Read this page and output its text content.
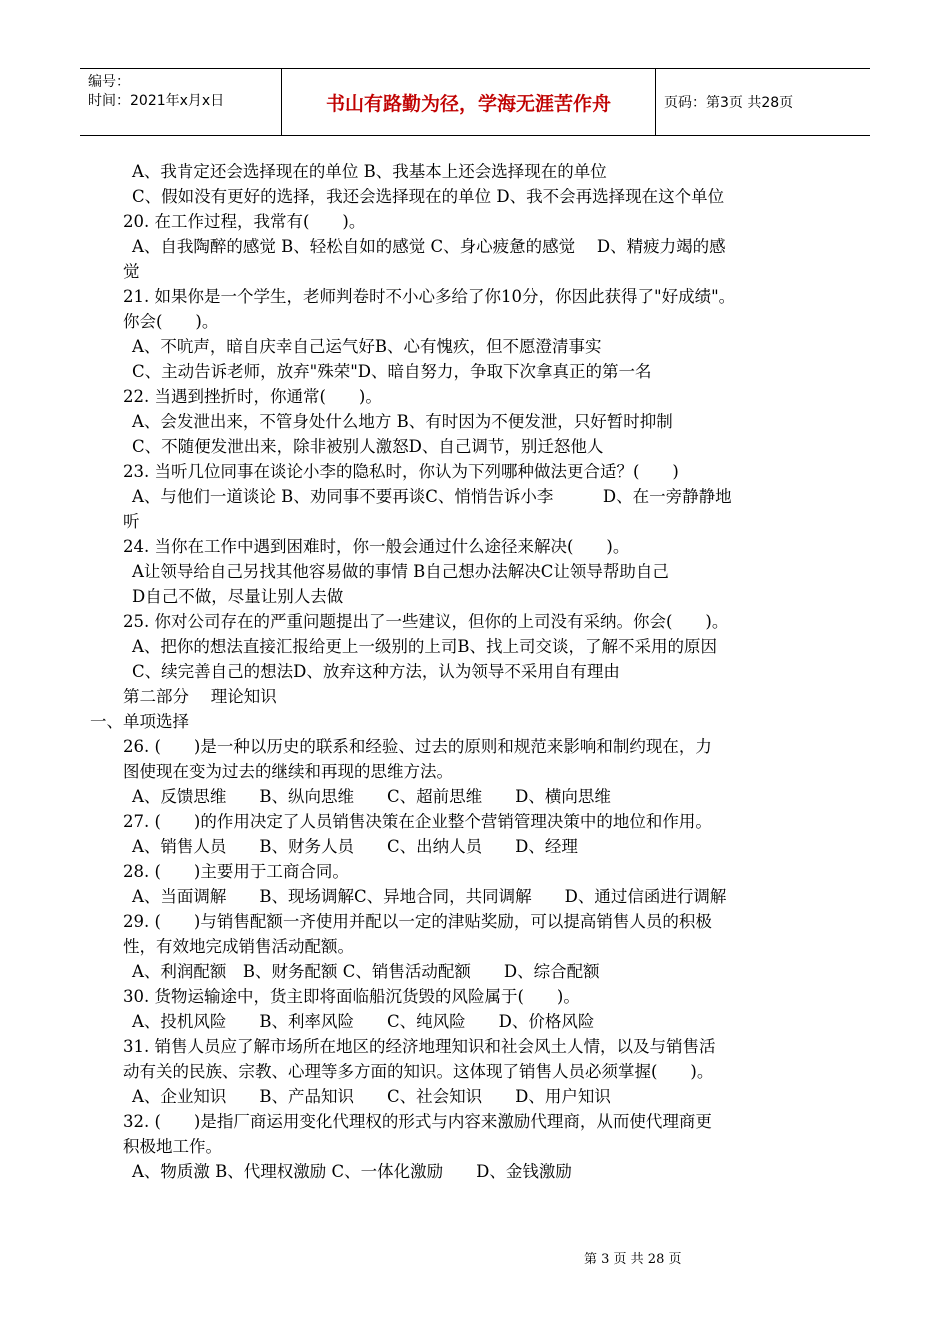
编号：
时间：2021年x月x日	书山有路勤为径，学海无涯苦作舟	页码：第3页 共28页
A、我肯定还会选择现在的单位 B、我基本上还会选择现在的单位
C、假如没有更好的选择，我还会选择现在的单位 D、我不会再选择现在这个单位
20. 在工作过程，我常有(　　)。
A、自我陶醉的感觉 B、轻松自如的感觉 C、身心疲惫的感觉　 D、精疲力竭的感
觉
21. 如果你是一个学生，老师判卷时不小心多给了你10分，你因此获得了"好成绩"。
你会(　　)。
A、不吭声，暗自庆幸自己运气好B、心有愧疚，但不愿澄清事实
C、主动告诉老师，放弃"殊荣"D、暗自努力，争取下次拿真正的第一名
22. 当遇到挫折时，你通常(　　)。
A、会发泄出来，不管身处什么地方 B、有时因为不便发泄，只好暂时抑制
C、不随便发泄出来，除非被别人激怒D、自己调节，别迁怒他人
23. 当听几位同事在谈论小李的隐私时，你认为下列哪种做法更合适？(　　)
A、与他们一道谈论 B、劝同事不要再谈C、悄悄告诉小李　　　D、在一旁静静地
听
24. 当你在工作中遇到困难时，你一般会通过什么途径来解决(　　)。
A让领导给自己另找其他容易做的事情 B自己想办法解决C让领导帮助自己
D自己不做，尽量让别人去做
25. 你对公司存在的严重问题提出了一些建议，但你的上司没有采纳。你会(　　)。
A、把你的想法直接汇报给更上一级别的上司B、找上司交谈，了解不采用的原因
C、续完善自己的想法D、放弃这种方法，认为领导不采用自有理由
第二部分　 理论知识
一、单项选择
26. (　　)是一种以历史的联系和经验、过去的原则和规范来影响和制约现在，力
图使现在变为过去的继续和再现的思维方法。
A、反馈思维　　B、纵向思维　　C、超前思维　　D、横向思维
27. (　　)的作用决定了人员销售决策在企业整个营销管理决策中的地位和作用。
A、销售人员　　B、财务人员　　C、出纳人员　　D、经理
28. (　　)主要用于工商合同。
A、当面调解　　B、现场调解C、异地合同，共同调解　　D、通过信函进行调解
29. (　　)与销售配额一齐使用并配以一定的津贴奖励，可以提高销售人员的积极
性，有效地完成销售活动配额。
A、利润配额　B、财务配额 C、销售活动配额　　D、综合配额
30. 货物运输途中，货主即将面临船沉货毁的风险属于(　　)。
A、投机风险　　B、利率风险　　C、纯风险　　D、价格风险
31. 销售人员应了解市场所在地区的经济地理知识和社会风土人情，以及与销售活
动有关的民族、宗教、心理等多方面的知识。这体现了销售人员必须掌握(　　)。
A、企业知识　　B、产品知识　　C、社会知识　　D、用户知识
32. (　　)是指厂商运用变化代理权的形式与内容来激励代理商，从而使代理商更
积极地工作。
A、物质激 B、代理权激励 C、一体化激励　　D、金钱激励
第 3 页 共 28 页
